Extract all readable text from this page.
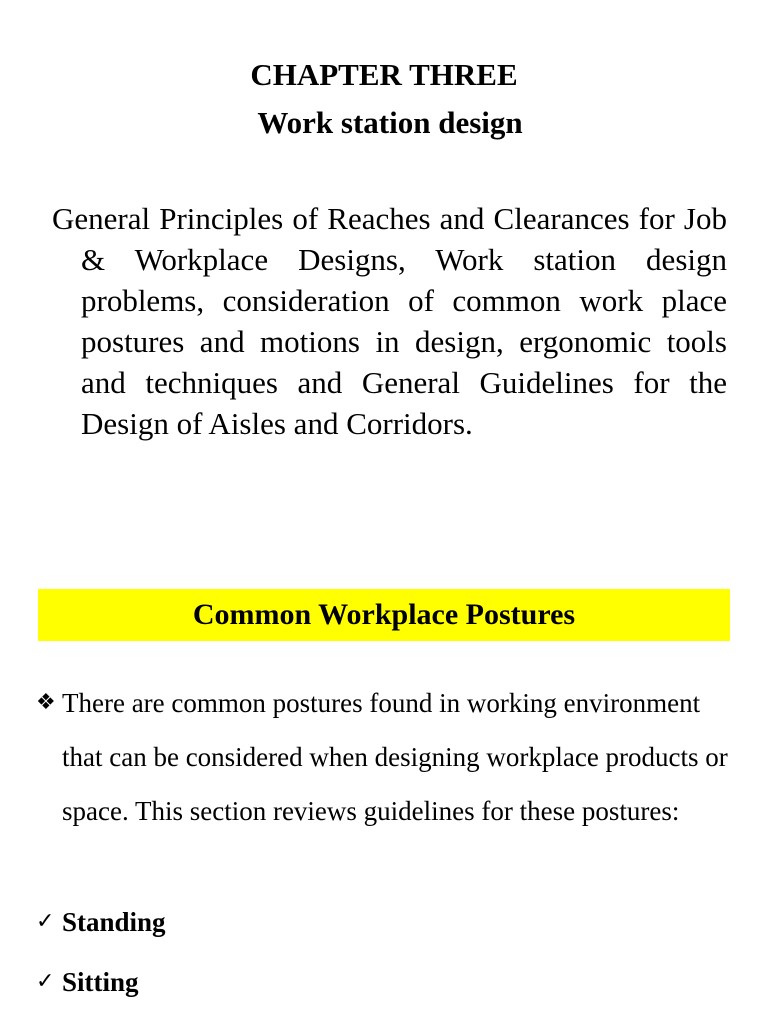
CHAPTER THREE
Work station design
General Principles of Reaches and Clearances for Job & Workplace Designs, Work station design problems, consideration of common work place postures and motions in design, ergonomic tools and techniques and General Guidelines for the Design of Aisles and Corridors.
Common Workplace Postures
❖ There are common postures found in working environment that can be considered when designing workplace products or space. This section reviews guidelines for these postures:
✓ Standing
✓ Sitting
